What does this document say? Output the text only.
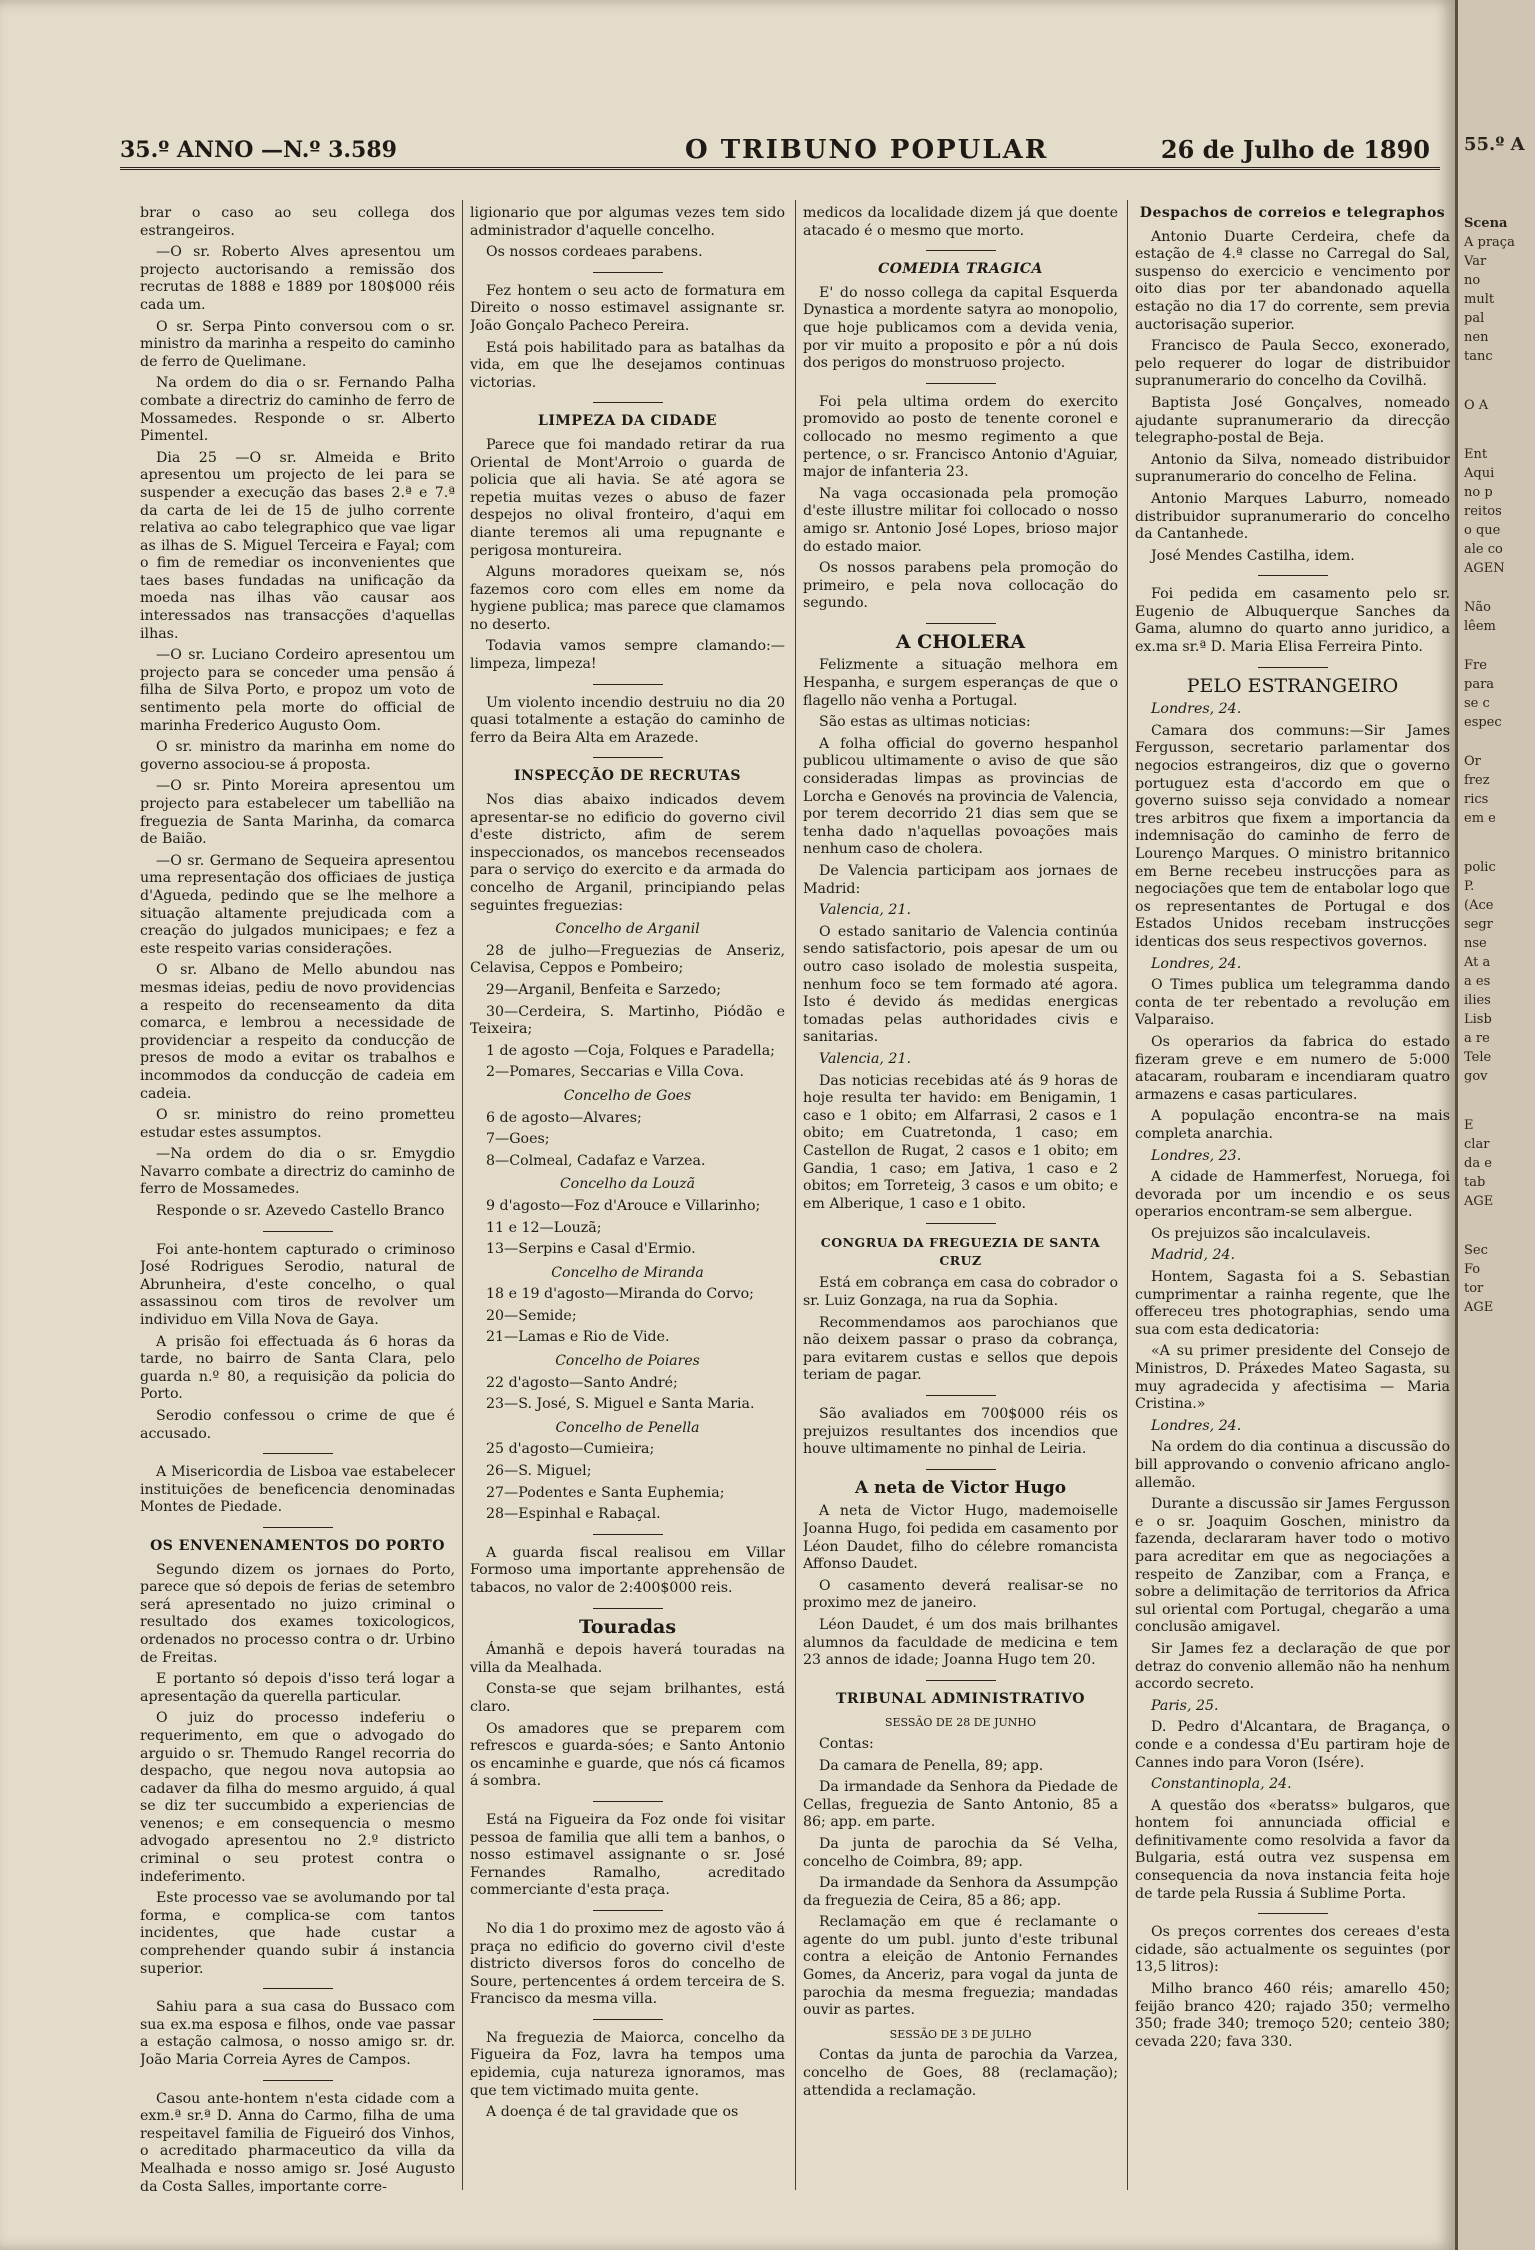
35.º ANNO —N.º 3.589	O TRIBUNO POPULAR	26 de Julho de 1890

brar o caso ao seu collega dos estrangeiros.

—O sr. Roberto Alves apresentou um projecto auctorisando a remissão dos recrutas de 1888 e 1889 por 180$000 réis cada um.

O sr. Serpa Pinto conversou com o sr. ministro da marinha a respeito do caminho de ferro de Quelimane.

Na ordem do dia o sr. Fernando Palha combate a directriz do caminho de ferro de Mossamedes. Responde o sr. Alberto Pimentel.

Dia 25 —O sr. Almeida e Brito apresentou um projecto de lei para se suspender a execução das bases 2.ª e 7.ª da carta de lei de 15 de julho corrente relativa ao cabo telegraphico que vae ligar as ilhas de S. Miguel Terceira e Fayal; com o fim de remediar os inconvenientes que taes bases fundadas na unificação da moeda nas ilhas vão causar aos interessados nas transacções d'aquellas ilhas.

—O sr. Luciano Cordeiro apresentou um projecto para se conceder uma pensão á filha de Silva Porto, e propoz um voto de sentimento pela morte do official de marinha Frederico Augusto Oom.

O sr. ministro da marinha em nome do governo associou-se á proposta.

—O sr. Pinto Moreira apresentou um projecto para estabelecer um tabellião na freguezia de Santa Marinha, da comarca de Baião.

—O sr. Germano de Sequeira apresentou uma representação dos officiaes de justiça d'Agueda, pedindo que se lhe melhore a situação altamente prejudicada com a creação do julgados municipaes; e fez a este respeito varias considerações.

O sr. Albano de Mello abundou nas mesmas ideias, pediu de novo providencias a respeito do recenseamento da dita comarca, e lembrou a necessidade de providenciar a respeito da conducção de presos de modo a evitar os trabalhos e incommodos da conducção de cadeia em cadeia.

O sr. ministro do reino prometteu estudar estes assumptos.

—Na ordem do dia o sr. Emygdio Navarro combate a directriz do caminho de ferro de Mossamedes.

Responde o sr. Azevedo Castello Branco

Foi ante-hontem capturado o criminoso José Rodrigues Serodio, natural de Abrunheira, d'este concelho, o qual assassinou com tiros de revolver um individuo em Villa Nova de Gaya.

A prisão foi effectuada ás 6 horas da tarde, no bairro de Santa Clara, pelo guarda n.º 80, a requisição da policia do Porto.

Serodio confessou o crime de que é accusado.

A Misericordia de Lisboa vae estabelecer instituições de beneficencia denominadas Montes de Piedade.

OS ENVENENAMENTOS DO PORTO

Segundo dizem os jornaes do Porto, parece que só depois de ferias de setembro será apresentado no juizo criminal o resultado dos exames toxicologicos, ordenados no processo contra o dr. Urbino de Freitas.

E portanto só depois d'isso terá logar a apresentação da querella particular.

O juiz do processo indeferiu o requerimento, em que o advogado do arguido o sr. Themudo Rangel recorria do despacho, que negou nova autopsia ao cadaver da filha do mesmo arguido, á qual se diz ter succumbido a experiencias de venenos; e em consequencia o mesmo advogado apresentou no 2.º districto criminal o seu protest contra o indeferimento.

Este processo vae se avolumando por tal forma, e complica-se com tantos incidentes, que hade custar a comprehender quando subir á instancia superior.

Sahiu para a sua casa do Bussaco com sua ex.ma esposa e filhos, onde vae passar a estação calmosa, o nosso amigo sr. dr. João Maria Correia Ayres de Campos.

Casou ante-hontem n'esta cidade com a exm.ª sr.ª D. Anna do Carmo, filha de uma respeitavel familia de Figueiró dos Vinhos, o acreditado pharmaceutico da villa da Mealhada e nosso amigo sr. José Augusto da Costa Salles, importante corre-

ligionario que por algumas vezes tem sido administrador d'aquelle concelho.

Os nossos cordeaes parabens.

Fez hontem o seu acto de formatura em Direito o nosso estimavel assignante sr. João Gonçalo Pacheco Pereira.

Está pois habilitado para as batalhas da vida, em que lhe desejamos continuas victorias.

LIMPEZA DA CIDADE

Parece que foi mandado retirar da rua Oriental de Mont'Arroio o guarda de policia que ali havia. Se até agora se repetia muitas vezes o abuso de fazer despejos no olival fronteiro, d'aqui em diante teremos ali uma repugnante e perigosa montureira.

Alguns moradores queixam se, nós fazemos coro com elles em nome da hygiene publica; mas parece que clamamos no deserto.

Todavia vamos sempre clamando:—limpeza, limpeza!

Um violento incendio destruiu no dia 20 quasi totalmente a estação do caminho de ferro da Beira Alta em Arazede.

INSPECÇÃO DE RECRUTAS

Nos dias abaixo indicados devem apresentar-se no edificio do governo civil d'este districto, afim de serem inspeccionados, os mancebos recenseados para o serviço do exercito e da armada do concelho de Arganil, principiando pelas seguintes freguezias:

Concelho de Arganil

28 de julho—Freguezias de Anseriz, Celavisa, Ceppos e Pombeiro;

29—Arganil, Benfeita e Sarzedo;

30—Cerdeira, S. Martinho, Piódão e Teixeira;

1 de agosto —Coja, Folques e Paradella;

2—Pomares, Seccarias e Villa Cova.

Concelho de Goes

6 de agosto—Alvares;

7—Goes;

8—Colmeal, Cadafaz e Varzea.

Concelho da Louzã

9 d'agosto—Foz d'Arouce e Villarinho;

11 e 12—Louzã;

13—Serpins e Casal d'Ermio.

Concelho de Miranda

18 e 19 d'agosto—Miranda do Corvo;

20—Semide;

21—Lamas e Rio de Vide.

Concelho de Poiares

22 d'agosto—Santo André;

23—S. José, S. Miguel e Santa Maria.

Concelho de Penella

25 d'agosto—Cumieira;

26—S. Miguel;

27—Podentes e Santa Euphemia;

28—Espinhal e Rabaçal.

A guarda fiscal realisou em Villar Formoso uma importante apprehensão de tabacos, no valor de 2:400$000 reis.

Touradas

Ámanhã e depois haverá touradas na villa da Mealhada.

Consta-se que sejam brilhantes, está claro.

Os amadores que se preparem com refrescos e guarda-sóes; e Santo Antonio os encaminhe e guarde, que nós cá ficamos á sombra.

Está na Figueira da Foz onde foi visitar pessoa de familia que alli tem a banhos, o nosso estimavel assignante o sr. José Fernandes Ramalho, acreditado commerciante d'esta praça.

No dia 1 do proximo mez de agosto vão á praça no edificio do governo civil d'este districto diversos foros do concelho de Soure, pertencentes á ordem terceira de S. Francisco da mesma villa.

Na freguezia de Maiorca, concelho da Figueira da Foz, lavra ha tempos uma epidemia, cuja natureza ignoramos, mas que tem victimado muita gente.

A doença é de tal gravidade que os

medicos da localidade dizem já que doente atacado é o mesmo que morto.

COMEDIA TRAGICA

E' do nosso collega da capital Esquerda Dynastica a mordente satyra ao monopolio, que hoje publicamos com a devida venia, por vir muito a proposito e pôr a nú dois dos perigos do monstruoso projecto.

Foi pela ultima ordem do exercito promovido ao posto de tenente coronel e collocado no mesmo regimento a que pertence, o sr. Francisco Antonio d'Aguiar, major de infanteria 23.

Na vaga occasionada pela promoção d'este illustre militar foi collocado o nosso amigo sr. Antonio José Lopes, brioso major do estado maior.

Os nossos parabens pela promoção do primeiro, e pela nova collocação do segundo.

A CHOLERA

Felizmente a situação melhora em Hespanha, e surgem esperanças de que o flagello não venha a Portugal.

São estas as ultimas noticias:

A folha official do governo hespanhol publicou ultimamente o aviso de que são consideradas limpas as provincias de Lorcha e Genovés na provincia de Valencia, por terem decorrido 21 dias sem que se tenha dado n'aquellas povoações mais nenhum caso de cholera.

De Valencia participam aos jornaes de Madrid:

Valencia, 21.

O estado sanitario de Valencia continúa sendo satisfactorio, pois apesar de um ou outro caso isolado de molestia suspeita, nenhum foco se tem formado até agora. Isto é devido ás medidas energicas tomadas pelas authoridades civis e sanitarias.

Valencia, 21.

Das noticias recebidas até ás 9 horas de hoje resulta ter havido: em Benigamin, 1 caso e 1 obito; em Alfarrasi, 2 casos e 1 obito; em Cuatretonda, 1 caso; em Castellon de Rugat, 2 casos e 1 obito; em Gandia, 1 caso; em Jativa, 1 caso e 2 obitos; em Torreteig, 3 casos e um obito; e em Alberique, 1 caso e 1 obito.

CONGRUA DA FREGUEZIA DE SANTA CRUZ

Está em cobrança em casa do cobrador o sr. Luiz Gonzaga, na rua da Sophia.

Recommendamos aos parochianos que não deixem passar o praso da cobrança, para evitarem custas e sellos que depois teriam de pagar.

São avaliados em 700$000 réis os prejuizos resultantes dos incendios que houve ultimamente no pinhal de Leiria.

A neta de Victor Hugo

A neta de Victor Hugo, mademoiselle Joanna Hugo, foi pedida em casamento por Léon Daudet, filho do célebre romancista Affonso Daudet.

O casamento deverá realisar-se no proximo mez de janeiro.

Léon Daudet, é um dos mais brilhantes alumnos da faculdade de medicina e tem 23 annos de idade; Joanna Hugo tem 20.

TRIBUNAL ADMINISTRATIVO
SESSÃO DE 28 DE JUNHO

Contas:

Da camara de Penella, 89; app.

Da irmandade da Senhora da Piedade de Cellas, freguezia de Santo Antonio, 85 a 86; app. em parte.

Da junta de parochia da Sé Velha, concelho de Coimbra, 89; app.

Da irmandade da Senhora da Assumpção da freguezia de Ceira, 85 a 86; app.

Reclamação em que é reclamante o agente do um publ. junto d'este tribunal contra a eleição de Antonio Fernandes Gomes, da Anceriz, para vogal da junta de parochia da mesma freguezia; mandadas ouvir as partes.

SESSÃO DE 3 DE JULHO

Contas da junta de parochia da Varzea, concelho de Goes, 88 (reclamação); attendida a reclamação.

Despachos de correios e telegraphos

Antonio Duarte Cerdeira, chefe da estação de 4.ª classe no Carregal do Sal, suspenso do exercicio e vencimento por oito dias por ter abandonado aquella estação no dia 17 do corrente, sem previa auctorisação superior.

Francisco de Paula Secco, exonerado, pelo requerer do logar de distribuidor supranumerario do concelho da Covilhã.

Baptista José Gonçalves, nomeado ajudante supranumerario da direcção telegrapho-postal de Beja.

Antonio da Silva, nomeado distribuidor supranumerario do concelho de Felina.

Antonio Marques Laburro, nomeado distribuidor supranumerario do concelho da Cantanhede.

José Mendes Castilha, idem.

Foi pedida em casamento pelo sr. Eugenio de Albuquerque Sanches da Gama, alumno do quarto anno juridico, a ex.ma sr.ª D. Maria Elisa Ferreira Pinto.

PELO ESTRANGEIRO

Londres, 24.

Camara dos communs:—Sir James Fergusson, secretario parlamentar dos negocios estrangeiros, diz que o governo portuguez esta d'accordo em que o governo suisso seja convidado a nomear tres arbitros que fixem a importancia da indemnisação do caminho de ferro de Lourenço Marques. O ministro britannico em Berne recebeu instrucções para as negociações que tem de entabolar logo que os representantes de Portugal e dos Estados Unidos recebam instrucções identicas dos seus respectivos governos.

Londres, 24.

O Times publica um telegramma dando conta de ter rebentado a revolução em Valparaiso.

Os operarios da fabrica do estado fizeram greve e em numero de 5:000 atacaram, roubaram e incendiaram quatro armazens e casas particulares.

A população encontra-se na mais completa anarchia.

Londres, 23.

A cidade de Hammerfest, Noruega, foi devorada por um incendio e os seus operarios encontram-se sem albergue.

Os prejuizos são incalculaveis.

Madrid, 24.

Hontem, Sagasta foi a S. Sebastian cumprimentar a rainha regente, que lhe offereceu tres photographias, sendo uma sua com esta dedicatoria:

«A su primer presidente del Consejo de Ministros, D. Práxedes Mateo Sagasta, su muy agradecida y afectisima — Maria Cristina.»

Londres, 24.

Na ordem do dia continua a discussão do bill approvando o convenio africano anglo-allemão.

Durante a discussão sir James Fergusson e o sr. Joaquim Goschen, ministro da fazenda, declararam haver todo o motivo para acreditar em que as negociações a respeito de Zanzibar, com a França, e sobre a delimitação de territorios da Africa sul oriental com Portugal, chegarão a uma conclusão amigavel.

Sir James fez a declaração de que por detraz do convenio allemão não ha nenhum accordo secreto.

Paris, 25.

D. Pedro d'Alcantara, de Bragança, o conde e a condessa d'Eu partiram hoje de Cannes indo para Voron (Isére).

Constantinopla, 24.

A questão dos «beratss» bulgaros, que hontem foi annunciada official e definitivamente como resolvida a favor da Bulgaria, está outra vez suspensa em consequencia da nova instancia feita hoje de tarde pela Russia á Sublime Porta.

Os preços correntes dos cereaes d'esta cidade, são actualmente os seguintes (por 13,5 litros):

Milho branco 460 réis; amarello 450; feijão branco 420; rajado 350; vermelho 350; frade 340; tremoço 520; centeio 380; cevada 220; fava 330.

55.º A
Scena
A praça
Var
no
mult
pal
nen
tanc
O A
Ent
Aqui
no p
reitos
o que
ale co
AGEN
Não
lêem
Fre
para
se c
espec
Or
frez
rics
em e
polic
P.
(Ace
segr
nse
At a
a es
ilies
Lisb
a re
Tele
gov
E
clar
da e
tab
AGE
Sec
Fo
tor
AGE
